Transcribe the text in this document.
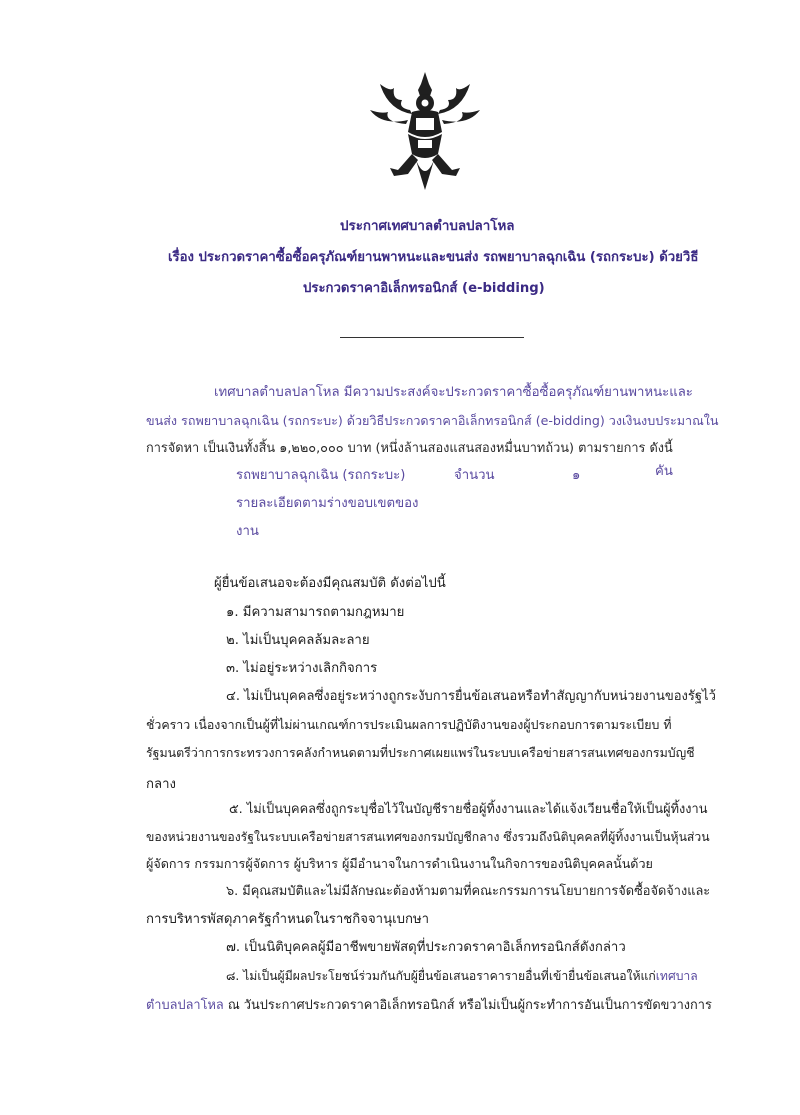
ประกาศเทศบาลตำบลปลาโหล
เรื่อง ประกวดราคาซื้อซื้อครุภัณฑ์ยานพาหนะและขนส่ง รถพยาบาลฉุกเฉิน (รถกระบะ) ด้วยวิธี
ประกวดราคาอิเล็กทรอนิกส์ (e-bidding)
เทศบาลตำบลปลาโหล มีความประสงค์จะประกวดราคาซื้อซื้อครุภัณฑ์ยานพาหนะและ
ขนส่ง รถพยาบาลฉุกเฉิน (รถกระบะ) ด้วยวิธีประกวดราคาอิเล็กทรอนิกส์ (e-bidding) วงเงินงบประมาณใน
การจัดหา เป็นเงินทั้งสิ้น ๑,๒๒๐,๐๐๐ บาท (หนึ่งล้านสองแสนสองหมื่นบาทถ้วน) ตามรายการ ดังนี้
รถพยาบาลฉุกเฉิน (รถกระบะ)	จำนวน	๑	คัน
รายละเอียดตามร่างขอบเขตของ
งาน
ผู้ยื่นข้อเสนอจะต้องมีคุณสมบัติ ดังต่อไปนี้
๑. มีความสามารถตามกฎหมาย
๒. ไม่เป็นบุคคลล้มละลาย
๓. ไม่อยู่ระหว่างเลิกกิจการ
๔. ไม่เป็นบุคคลซึ่งอยู่ระหว่างถูกระงับการยื่นข้อเสนอหรือทำสัญญากับหน่วยงานของรัฐไว้
ชั่วคราว เนื่องจากเป็นผู้ที่ไม่ผ่านเกณฑ์การประเมินผลการปฏิบัติงานของผู้ประกอบการตามระเบียบ ที่
รัฐมนตรีว่าการกระทรวงการคลังกำหนดตามที่ประกาศเผยแพร่ในระบบเครือข่ายสารสนเทศของกรมบัญชี
กลาง
๕. ไม่เป็นบุคคลซึ่งถูกระบุชื่อไว้ในบัญชีรายชื่อผู้ทิ้งงานและได้แจ้งเวียนชื่อให้เป็นผู้ทิ้งงาน
ของหน่วยงานของรัฐในระบบเครือข่ายสารสนเทศของกรมบัญชีกลาง ซึ่งรวมถึงนิติบุคคลที่ผู้ทิ้งงานเป็นหุ้นส่วน
ผู้จัดการ กรรมการผู้จัดการ ผู้บริหาร ผู้มีอำนาจในการดำเนินงานในกิจการของนิติบุคคลนั้นด้วย
๖. มีคุณสมบัติและไม่มีลักษณะต้องห้ามตามที่คณะกรรมการนโยบายการจัดซื้อจัดจ้างและ
การบริหารพัสดุภาครัฐกำหนดในราชกิจจานุเบกษา
๗. เป็นนิติบุคคลผู้มีอาชีพขายพัสดุที่ประกวดราคาอิเล็กทรอนิกส์ดังกล่าว
๘. ไม่เป็นผู้มีผลประโยชน์ร่วมกันกับผู้ยื่นข้อเสนอราคารายอื่นที่เข้ายื่นข้อเสนอให้แก่เทศบาล
ตำบลปลาโหล ณ วันประกาศประกวดราคาอิเล็กทรอนิกส์ หรือไม่เป็นผู้กระทำการอันเป็นการขัดขวางการ
